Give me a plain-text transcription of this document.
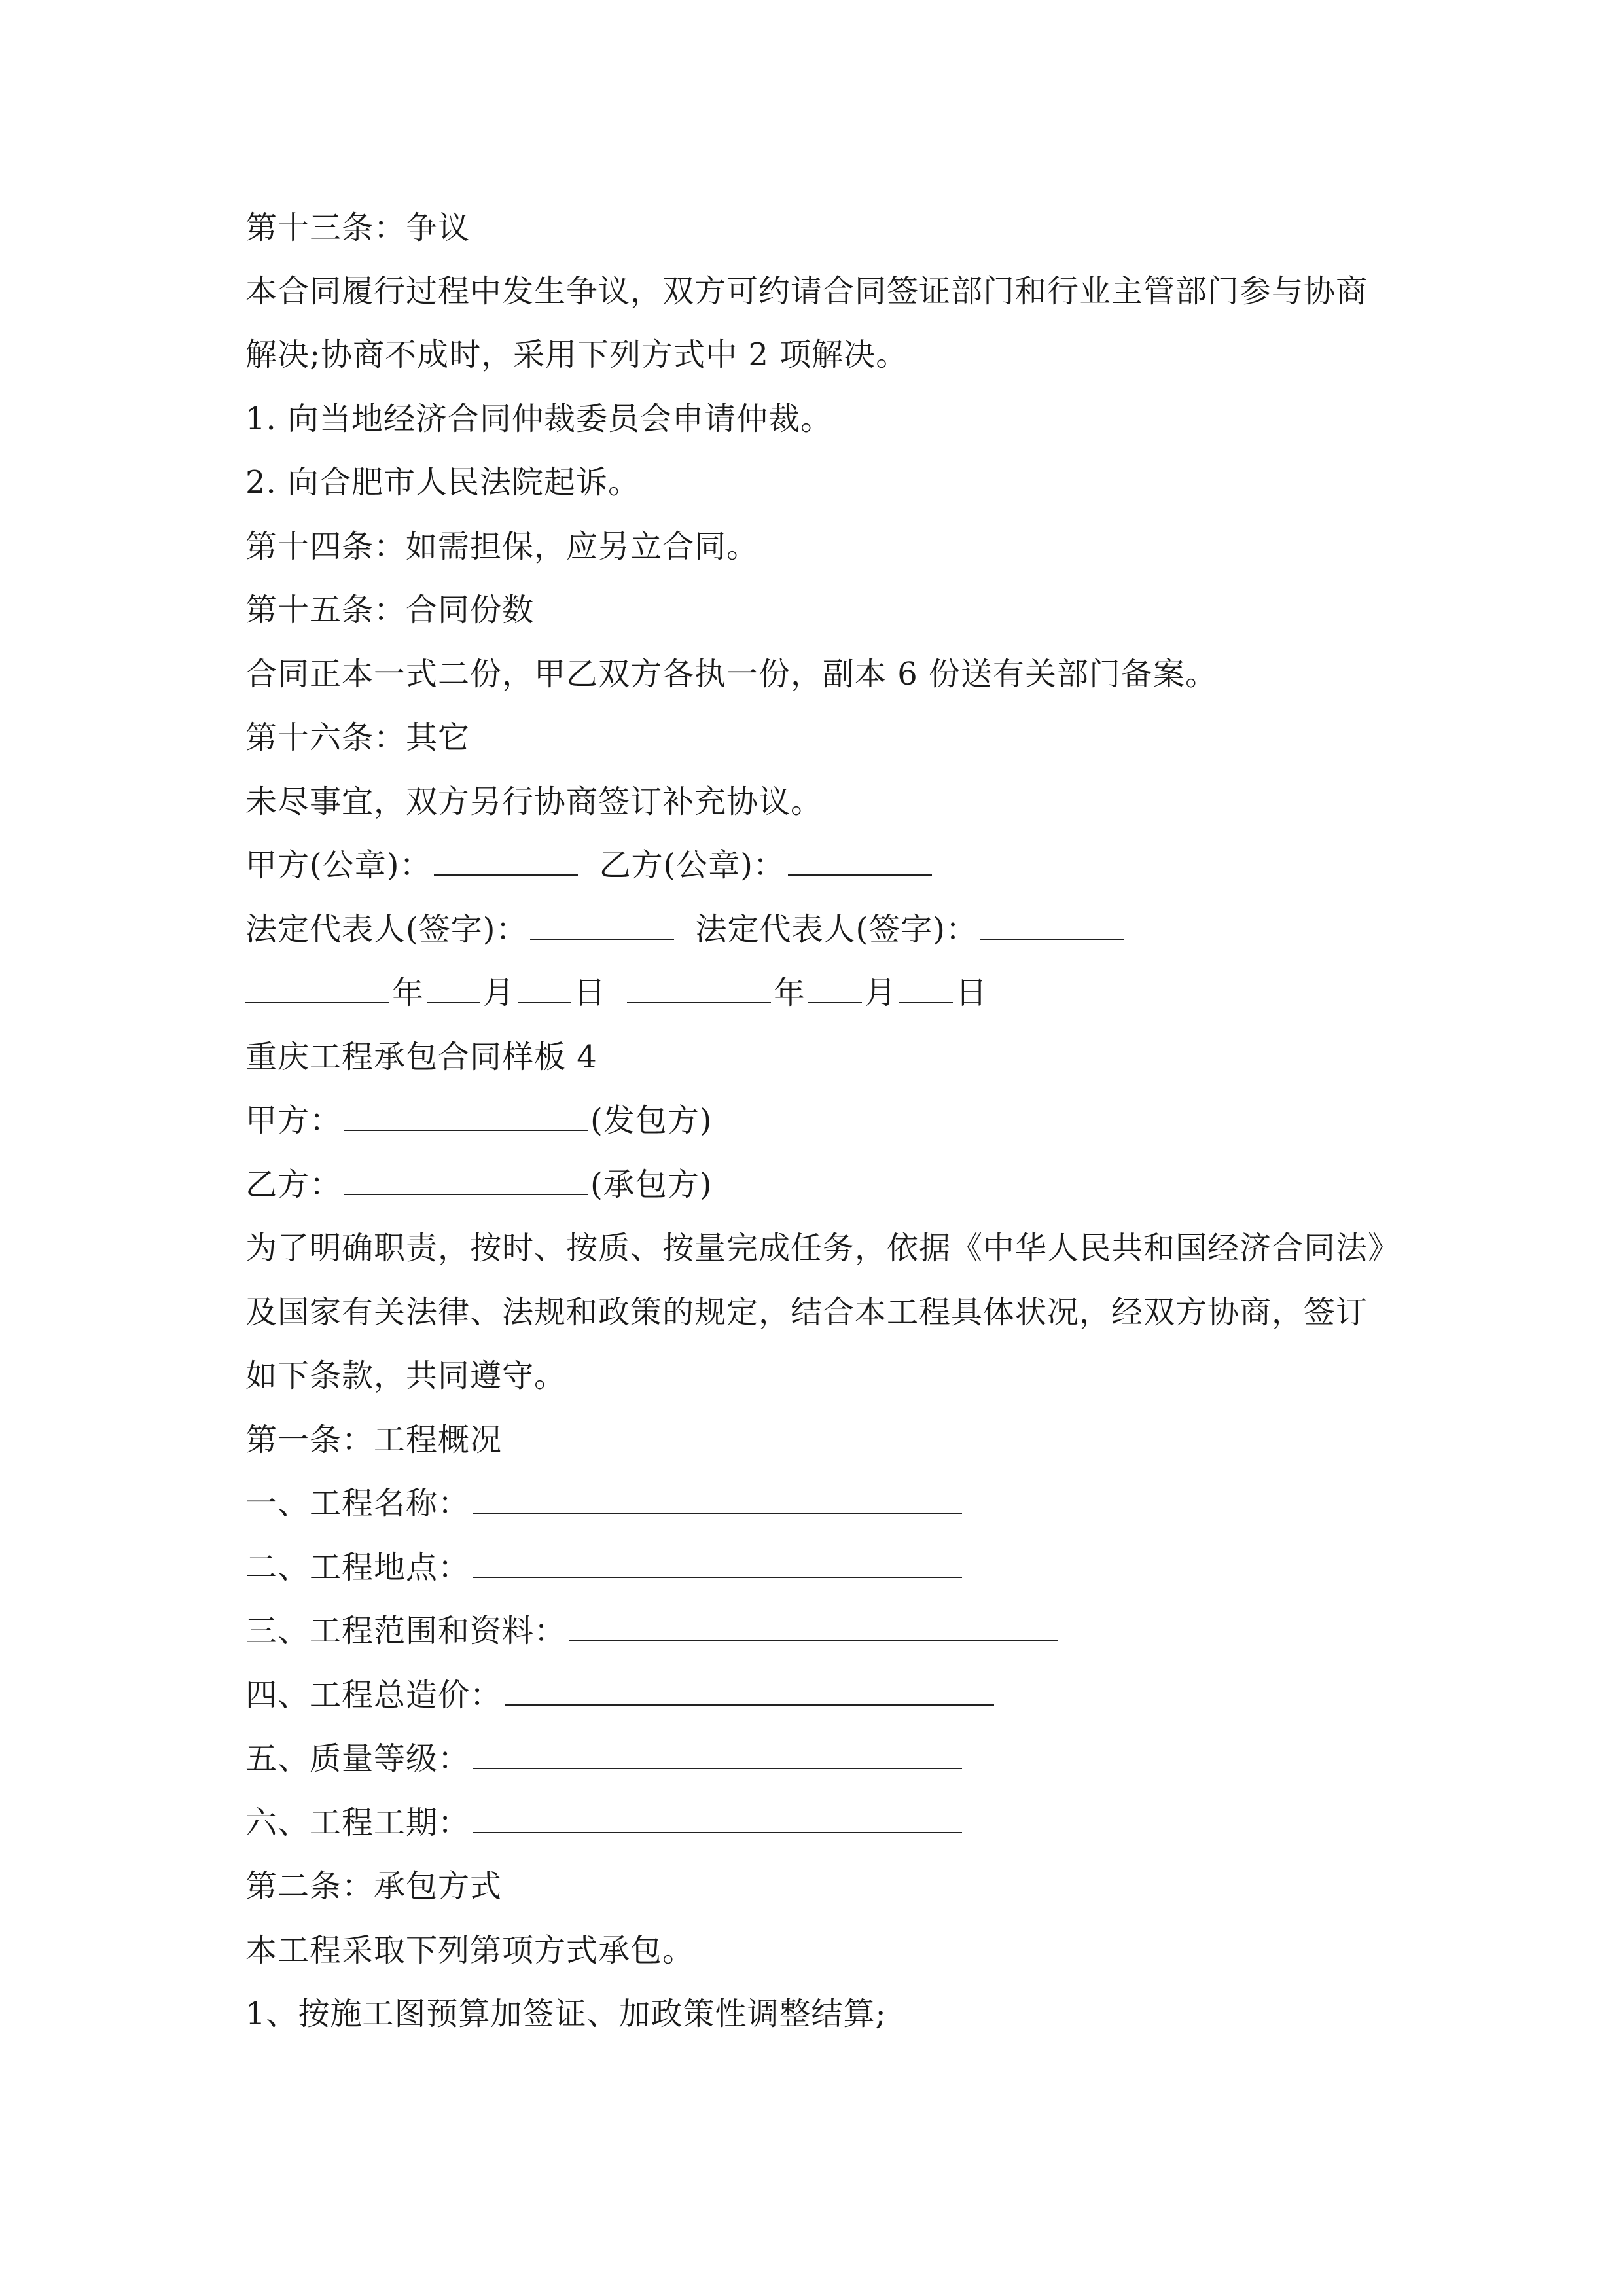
第十三条：争议
本合同履行过程中发生争议，双方可约请合同签证部门和行业主管部门参与协商
解决;协商不成时，采用下列方式中 2 项解决。
1. 向当地经济合同仲裁委员会申请仲裁。
2. 向合肥市人民法院起诉。
第十四条：如需担保，应另立合同。
第十五条：合同份数
合同正本一式二份，甲乙双方各执一份，副本 6 份送有关部门备案。
第十六条：其它
未尽事宜，双方另行协商签订补充协议。
甲方(公章)：	乙方(公章)：
法定代表人(签字)：	法定代表人(签字)：
年 月 日	年 月 日
重庆工程承包合同样板 4
甲方：	(发包方)
乙方：	(承包方)
为了明确职责，按时、按质、按量完成任务，依据《中华人民共和国经济合同法》
及国家有关法律、法规和政策的规定，结合本工程具体状况，经双方协商，签订
如下条款，共同遵守。
第一条：工程概况
一、工程名称：
二、工程地点：
三、工程范围和资料：
四、工程总造价：
五、质量等级：
六、工程工期：
第二条：承包方式
本工程采取下列第项方式承包。
1、按施工图预算加签证、加政策性调整结算;
